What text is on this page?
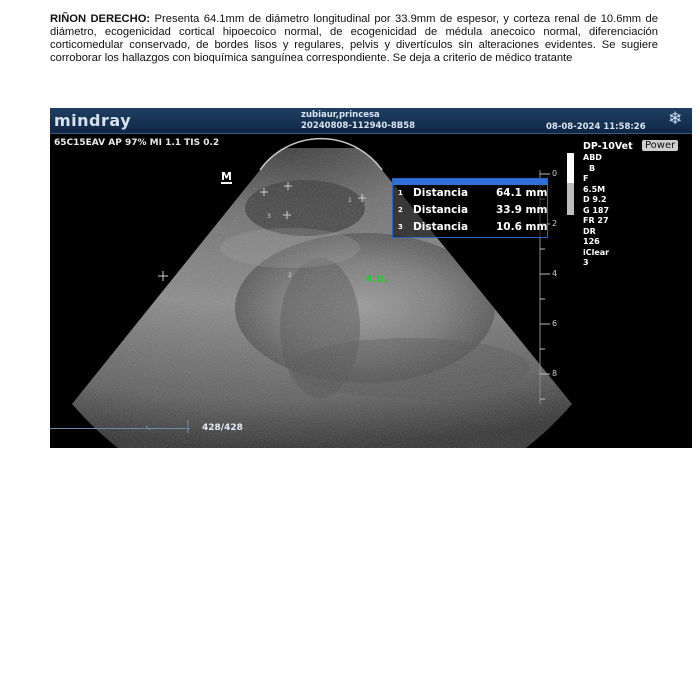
RIÑON DERECHO: Presenta 64.1mm de diámetro longitudinal por 33.9mm de espesor, y corteza renal de 10.6mm de diámetro, ecogenicidad cortical hipoecoico normal, de ecogenicidad de médula anecoico normal, diferenciación corticomedular conservado, de bordes lisos y regulares, pelvis y divertículos sin alteraciones evidentes. Se sugiere corroborar los hallazgos con bioquímica sanguínea correspondiente. Se deja a criterio de médico tratante
3
1
2
mindray	zubiaur,princesa
20240808-112940-8B58	08-08-2024 11:58:26 ❄
65C15EAV AP 97% MI 1.1 TIS 0.2
M
R.D.
0
2
4
6
8
DP-10Vet	Power
ABD
B
F 6.5M
D 9.2
G 187
FR 27
DR 126
iClear 3
1 Distancia	64.1 mm
2 Distancia	33.9 mm
3 Distancia	10.6 mm
428/428
